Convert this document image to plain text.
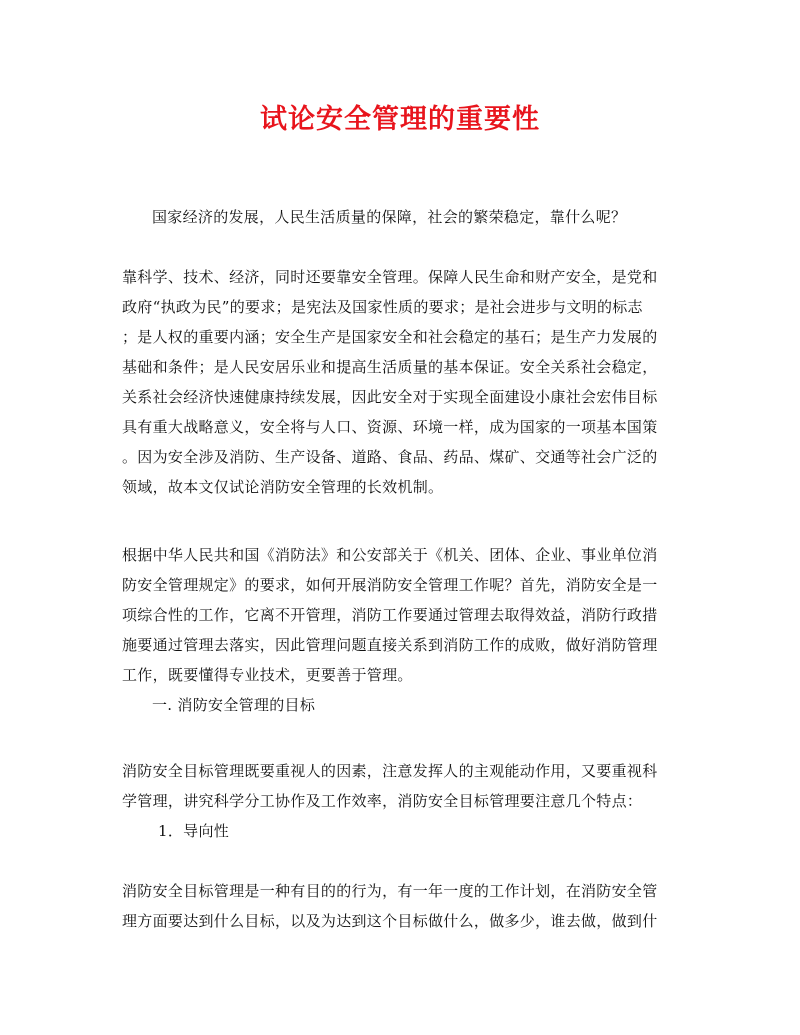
试论安全管理的重要性
国家经济的发展，人民生活质量的保障，社会的繁荣稳定，靠什么呢？
靠科学、技术、经济，同时还要靠安全管理。保障人民生命和财产安全，是党和
政府“执政为民”的要求；是宪法及国家性质的要求；是社会进步与文明的标志
；是人权的重要内涵；安全生产是国家安全和社会稳定的基石；是生产力发展的
基础和条件；是人民安居乐业和提高生活质量的基本保证。安全关系社会稳定，
关系社会经济快速健康持续发展，因此安全对于实现全面建设小康社会宏伟目标
具有重大战略意义，安全将与人口、资源、环境一样，成为国家的一项基本国策
。因为安全涉及消防、生产设备、道路、食品、药品、煤矿、交通等社会广泛的
领域，故本文仅试论消防安全管理的长效机制。
根据中华人民共和国《消防法》和公安部关于《机关、团体、企业、事业单位消
防安全管理规定》的要求，如何开展消防安全管理工作呢？首先，消防安全是一
项综合性的工作，它离不开管理，消防工作要通过管理去取得效益，消防行政措
施要通过管理去落实，因此管理问题直接关系到消防工作的成败，做好消防管理
工作，既要懂得专业技术，更要善于管理。
一. 消防安全管理的目标
消防安全目标管理既要重视人的因素，注意发挥人的主观能动作用，又要重视科
学管理，讲究科学分工协作及工作效率，消防安全目标管理要注意几个特点：
1．导向性
消防安全目标管理是一种有目的的行为，有一年一度的工作计划，在消防安全管
理方面要达到什么目标，以及为达到这个目标做什么，做多少，谁去做，做到什
